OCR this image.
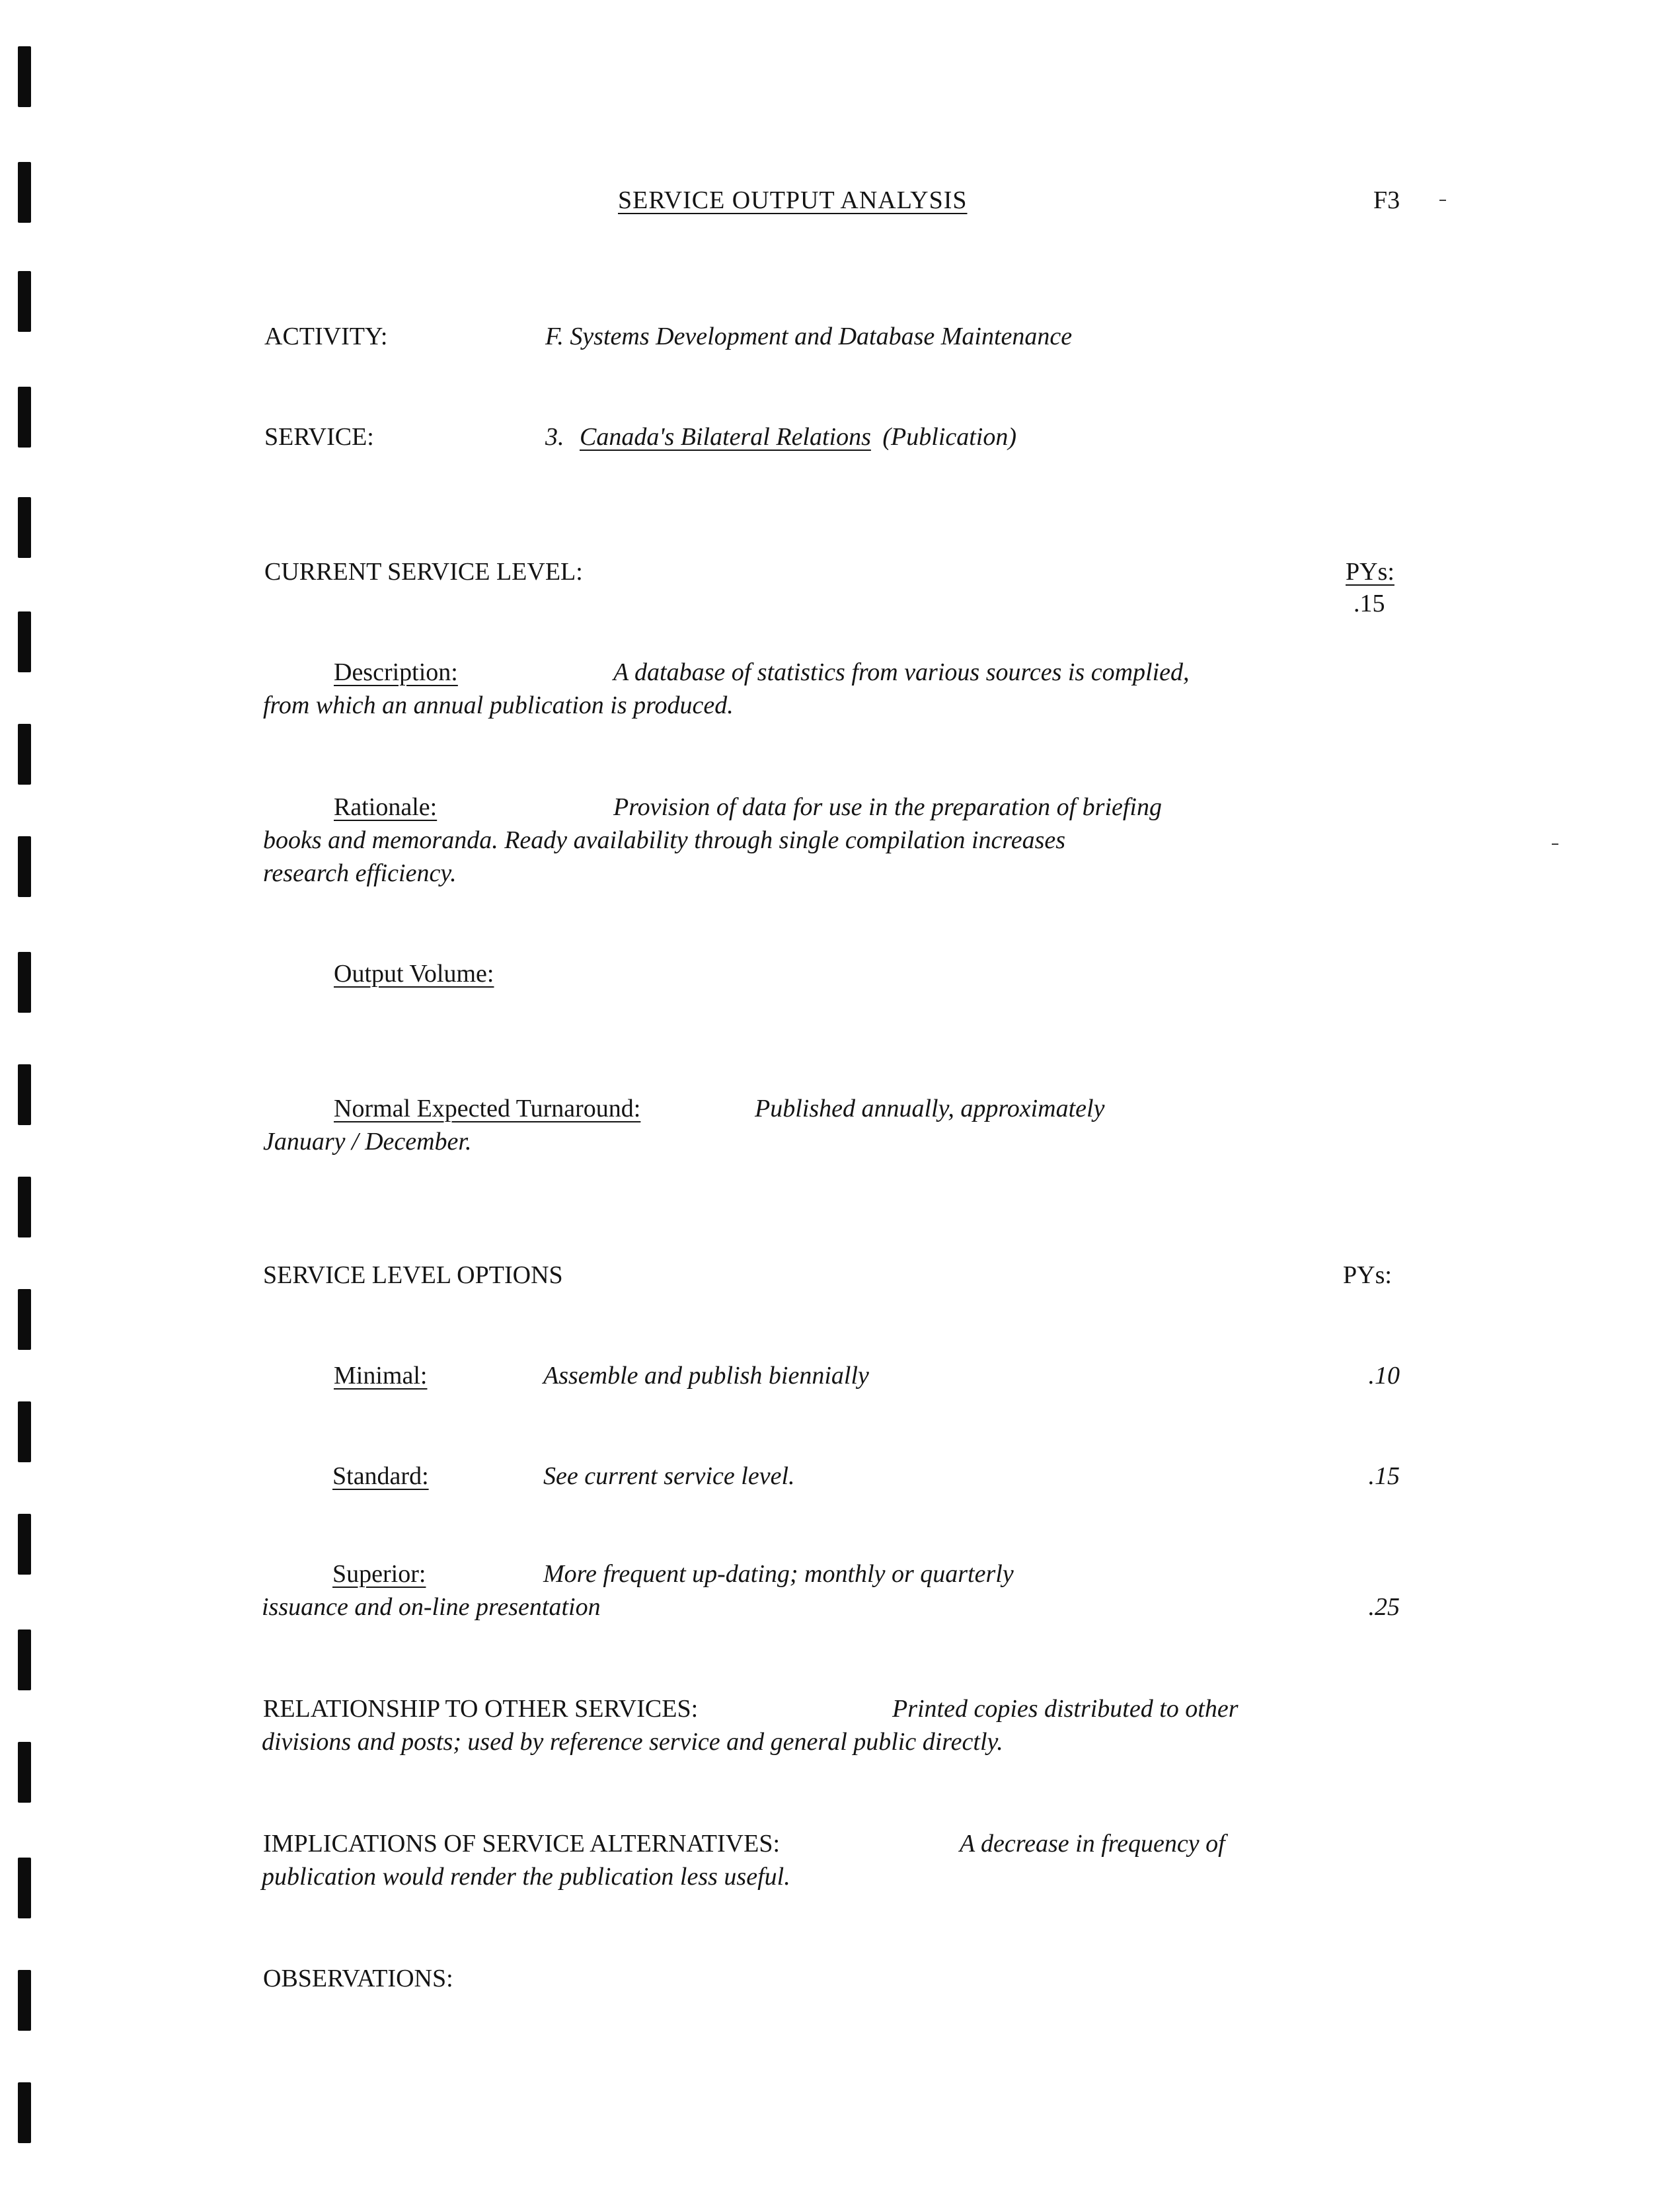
SERVICE OUTPUT ANALYSIS	F3
ACTIVITY:	F. Systems Development and Database Maintenance
SERVICE:	3. Canada's Bilateral Relations (Publication)
CURRENT SERVICE LEVEL:	PYs:
.15
Description:	A database of statistics from various sources is complied,
from which an annual publication is produced.
Rationale:	Provision of data for use in the preparation of briefing
books and memoranda. Ready availability through single compilation increases
research efficiency.
Output Volume:
Normal Expected Turnaround:	Published annually, approximately
January / December.
SERVICE LEVEL OPTIONS	PYs:
Minimal:	Assemble and publish biennially	.10
Standard:	See current service level.	.15
Superior:	More frequent up-dating; monthly or quarterly
issuance and on-line presentation	.25
RELATIONSHIP TO OTHER SERVICES:	Printed copies distributed to other
divisions and posts; used by reference service and general public directly.
IMPLICATIONS OF SERVICE ALTERNATIVES:	A decrease in frequency of
publication would render the publication less useful.
OBSERVATIONS:
